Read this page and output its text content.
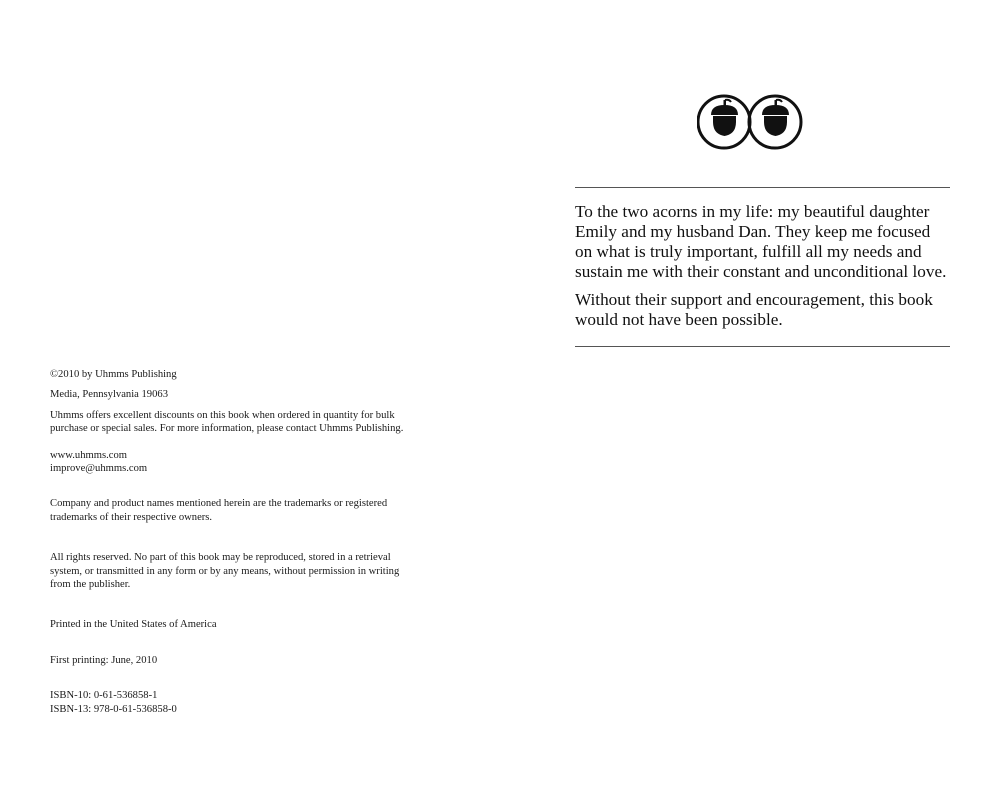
©2010 by Uhmms Publishing

Media, Pennsylvania 19063

Uhmms offers excellent discounts on this book when ordered in quantity for bulk
purchase or special sales. For more information, please contact Uhmms Publishing.

www.uhmms.com

improve@uhmms.com

Company and product names mentioned herein are the trademarks or registered
trademarks of their respective owners.

All rights reserved. No part of this book may be reproduced, stored in a retrieval
system, or transmitted in any form or by any means, without permission in writing
from the publisher.

Printed in the United States of America

First printing: June, 2010

ISBN-10: 0-61-536858-1

ISBN-13: 978-0-61-536858-0

To the two acorns in my life: my beautiful daughter Emily and my husband Dan. They keep me focused on what is truly important, fulfill all my needs and sustain me with their constant and unconditional love.

Without their support and encouragement, this book would not have been possible.
